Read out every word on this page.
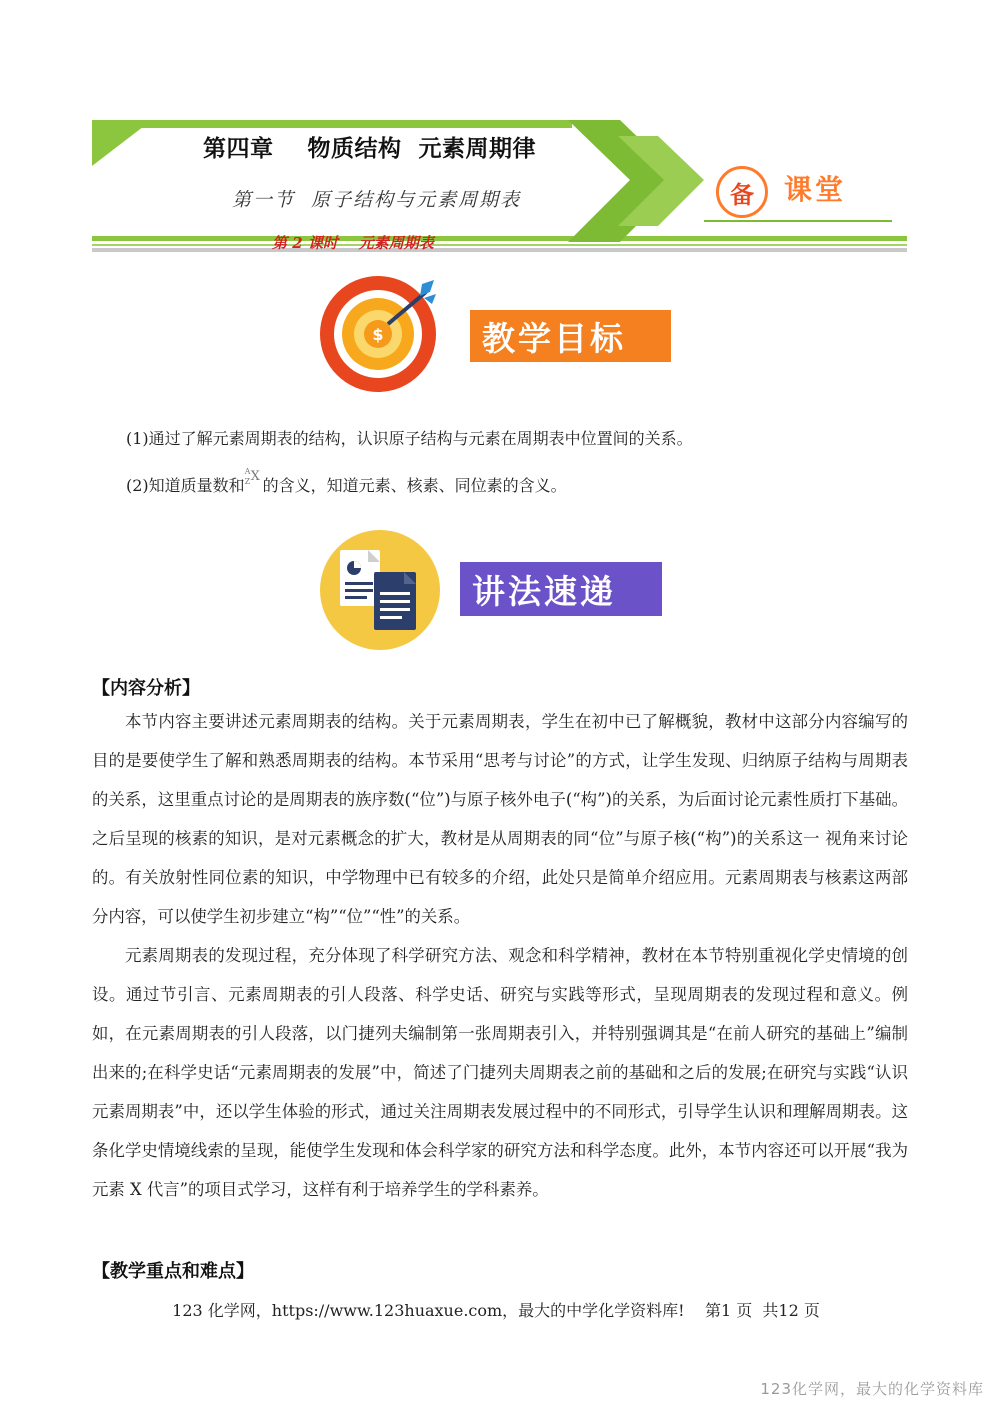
第四章    物质结构  元素周期律
第一节  原子结构与元素周期表
第 2 课时    元素周期表
备 课堂
$	教学目标
(1)通过了解元素周期表的结构，认识原子结构与元素在周期表中位置间的关系。
(2)知道质量数和
A
Z X 的含义，知道元素、核素、同位素的含义。
讲法速递
【内容分析】

本节内容主要讲述元素周期表的结构。关于元素周期表，学生在初中已了解概貌，教材中这部分内容编写的目的是要使学生了解和熟悉周期表的结构。本节采用“思考与讨论”的方式，让学生发现、归纳原子结构与周期表的关系，这里重点讨论的是周期表的族序数(“位”)与原子核外电子(“构”)的关系，为后面讨论元素性质打下基础。之后呈现的核素的知识，是对元素概念的扩大，教材是从周期表的同“位”与原子核(“构”)的关系这一 视角来讨论的。有关放射性同位素的知识，中学物理中已有较多的介绍，此处只是简单介绍应用。元素周期表与核素这两部分内容，可以使学生初步建立“构”“位”“性”的关系。

元素周期表的发现过程，充分体现了科学研究方法、观念和科学精神，教材在本节特别重视化学史情境的创设。通过节引言、元素周期表的引人段落、科学史话、研究与实践等形式，呈现周期表的发现过程和意义。例如，在元素周期表的引人段落，以门捷列夫编制第一张周期表引入，并特别强调其是“在前人研究的基础上”编制出来的;在科学史话“元素周期表的发展”中，简述了门捷列夫周期表之前的基础和之后的发展;在研究与实践“认识元素周期表”中，还以学生体验的形式，通过关注周期表发展过程中的不同形式，引导学生认识和理解周期表。这条化学史情境线索的呈现，能使学生发现和体会科学家的研究方法和科学态度。此外，本节内容还可以开展“我为元素 X 代言”的项目式学习，这样有利于培养学生的学科素养。

【教学重点和难点】
123 化学网，https://www.123huaxue.com，最大的中学化学资料库!    第1 页  共12 页
123化学网，最大的化学资料库
